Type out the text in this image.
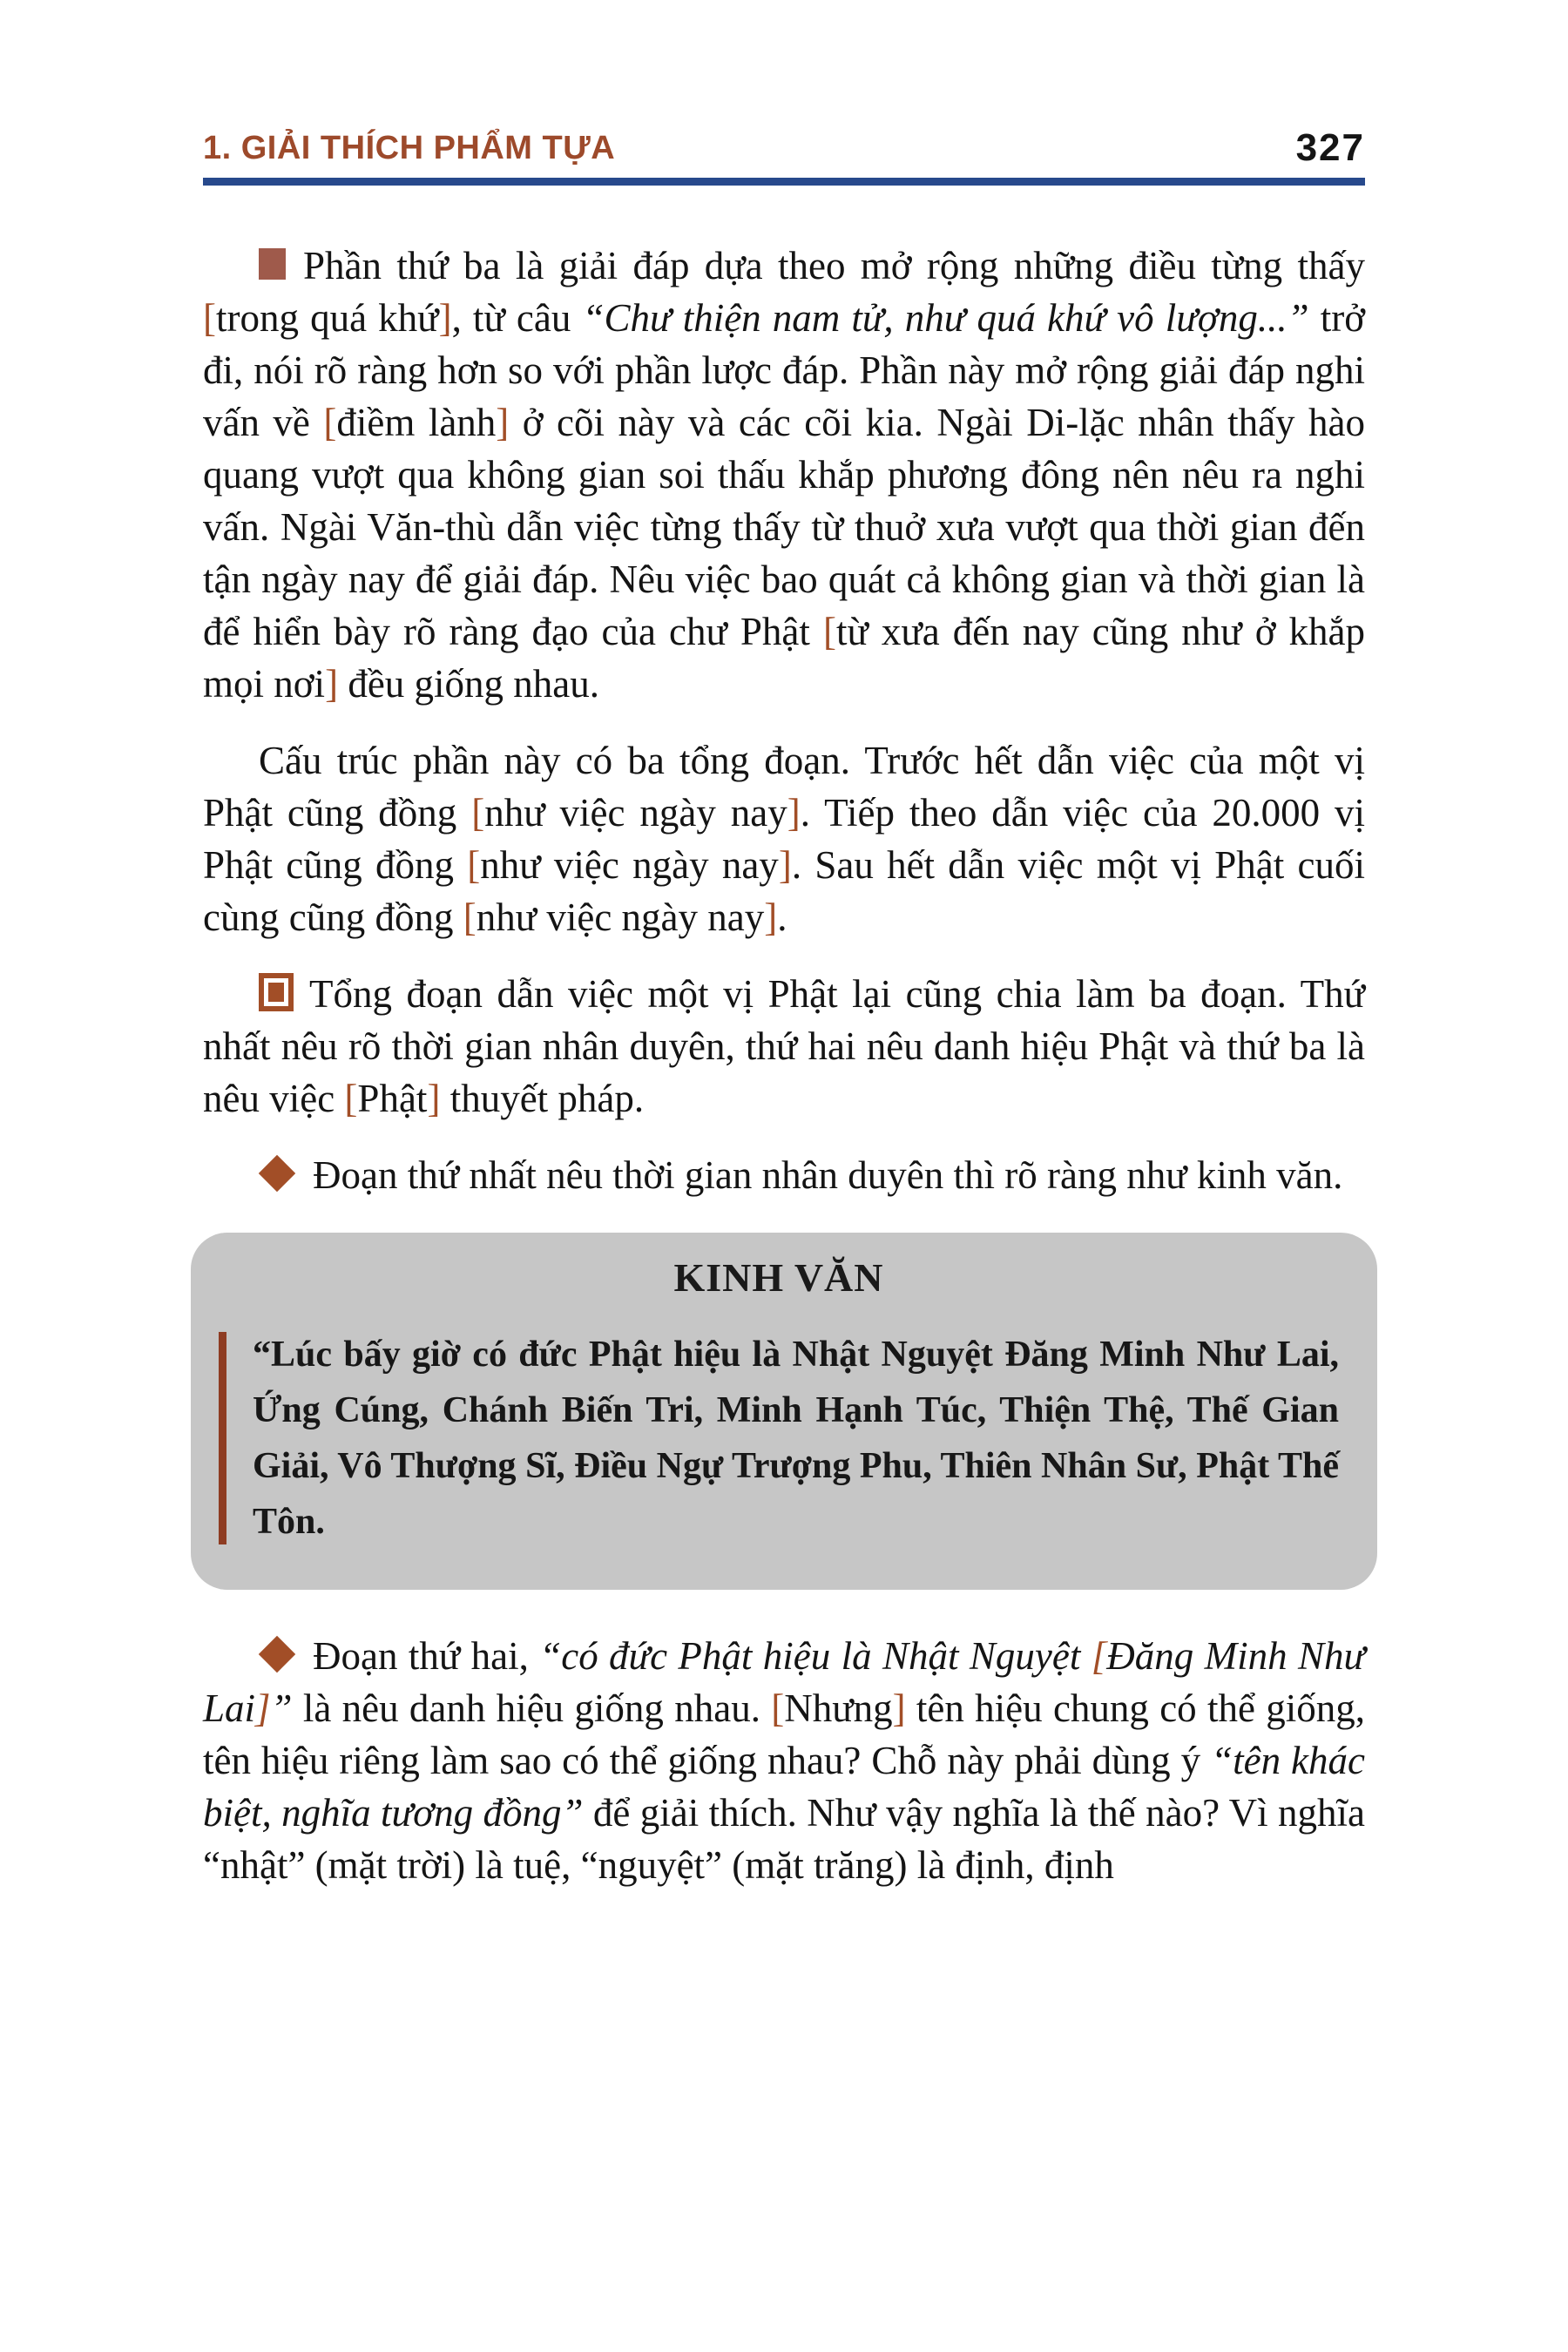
1. GIẢI THÍCH PHẨM TỰA	327

Phần thứ ba là giải đáp dựa theo mở rộng những điều từng thấy [trong quá khứ], từ câu “Chư thiện nam tử, như quá khứ vô lượng...” trở đi, nói rõ ràng hơn so với phần lược đáp. Phần này mở rộng giải đáp nghi vấn về [điềm lành] ở cõi này và các cõi kia. Ngài Di-lặc nhân thấy hào quang vượt qua không gian soi thấu khắp phương đông nên nêu ra nghi vấn. Ngài Văn-thù dẫn việc từng thấy từ thuở xưa vượt qua thời gian đến tận ngày nay để giải đáp. Nêu việc bao quát cả không gian và thời gian là để hiển bày rõ ràng đạo của chư Phật [từ xưa đến nay cũng như ở khắp mọi nơi] đều giống nhau.

Cấu trúc phần này có ba tổng đoạn. Trước hết dẫn việc của một vị Phật cũng đồng [như việc ngày nay]. Tiếp theo dẫn việc của 20.000 vị Phật cũng đồng [như việc ngày nay]. Sau hết dẫn việc một vị Phật cuối cùng cũng đồng [như việc ngày nay].

Tổng đoạn dẫn việc một vị Phật lại cũng chia làm ba đoạn. Thứ nhất nêu rõ thời gian nhân duyên, thứ hai nêu danh hiệu Phật và thứ ba là nêu việc [Phật] thuyết pháp.

Đoạn thứ nhất nêu thời gian nhân duyên thì rõ ràng như kinh văn.

KINH VĂN

“Lúc bấy giờ có đức Phật hiệu là Nhật Nguyệt Đăng Minh Như Lai, Ứng Cúng, Chánh Biến Tri, Minh Hạnh Túc, Thiện Thệ, Thế Gian Giải, Vô Thượng Sĩ, Điều Ngự Trượng Phu, Thiên Nhân Sư, Phật Thế Tôn.

Đoạn thứ hai, “có đức Phật hiệu là Nhật Nguyệt [Đăng Minh Như Lai]” là nêu danh hiệu giống nhau. [Nhưng] tên hiệu chung có thể giống, tên hiệu riêng làm sao có thể giống nhau? Chỗ này phải dùng ý “tên khác biệt, nghĩa tương đồng” để giải thích. Như vậy nghĩa là thế nào? Vì nghĩa “nhật” (mặt trời) là tuệ, “nguyệt” (mặt trăng) là định, định
